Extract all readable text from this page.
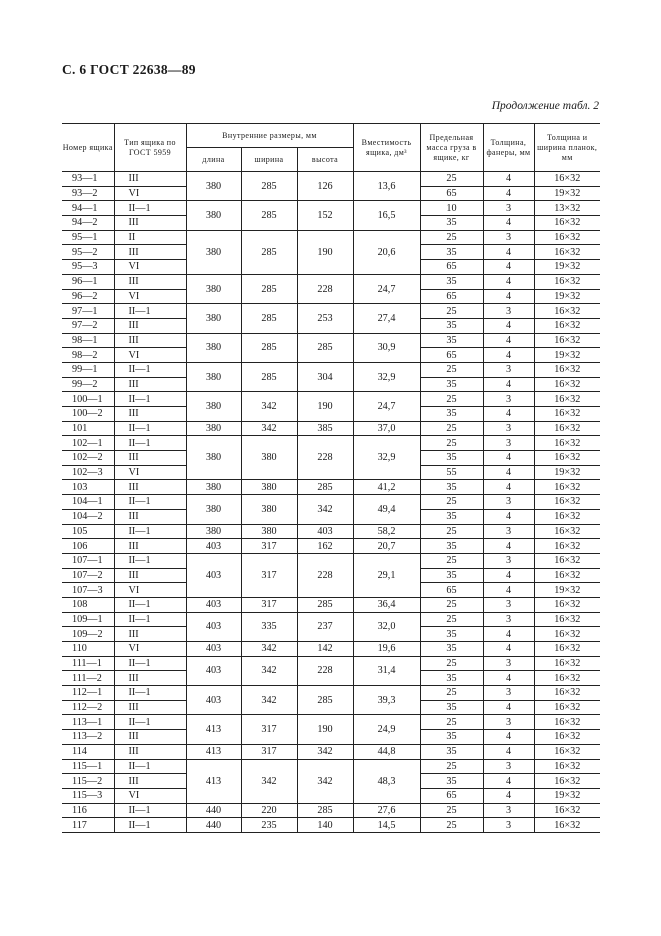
С. 6 ГОСТ 22638—89
Продолжение табл. 2
Номер ящика	Тип ящика по ГОСТ 5959	Внутренние размеры, мм			Вместимость ящика, дм³	Предельная масса груза в ящике, кг	Толщина, фанеры, мм	Толщина и ширина планок, мм
		длина	ширина	высота				
93—1	III	380	285	126	13,6	25	4	16×32
93—2	VI					65	4	19×32
94—1	II—1	380	285	152	16,5	10	3	13×32
94—2	III					35	4	16×32
95—1	II	380	285	190	20,6	25	3	16×32
95—2	III					35	4	16×32
95—3	VI					65	4	19×32
96—1	III	380	285	228	24,7	35	4	16×32
96—2	VI					65	4	19×32
97—1	II—1	380	285	253	27,4	25	3	16×32
97—2	III					35	4	16×32
98—1	III	380	285	285	30,9	35	4	16×32
98—2	VI					65	4	19×32
99—1	II—1	380	285	304	32,9	25	3	16×32
99—2	III					35	4	16×32
100—1	II—1	380	342	190	24,7	25	3	16×32
100—2	III					35	4	16×32
101	II—1	380	342	385	37,0	25	3	16×32
102—1	II—1	380	380	228	32,9	25	3	16×32
102—2	III					35	4	16×32
102—3	VI					55	4	19×32
103	III	380	380	285	41,2	35	4	16×32
104—1	II—1	380	380	342	49,4	25	3	16×32
104—2	III					35	4	16×32
105	II—1	380	380	403	58,2	25	3	16×32
106	III	403	317	162	20,7	35	4	16×32
107—1	II—1	403	317	228	29,1	25	3	16×32
107—2	III					35	4	16×32
107—3	VI					65	4	19×32
108	II—1	403	317	285	36,4	25	3	16×32
109—1	II—1	403	335	237	32,0	25	3	16×32
109—2	III					35	4	16×32
110	VI	403	342	142	19,6	35	4	16×32
111—1	II—1	403	342	228	31,4	25	3	16×32
111—2	III					35	4	16×32
112—1	II—1	403	342	285	39,3	25	3	16×32
112—2	III					35	4	16×32
113—1	II—1	413	317	190	24,9	25	3	16×32
113—2	III					35	4	16×32
114	III	413	317	342	44,8	35	4	16×32
115—1	II—1	413	342	342	48,3	25	3	16×32
115—2	III					35	4	16×32
115—3	VI					65	4	19×32
116	II—1	440	220	285	27,6	25	3	16×32
117	II—1	440	235	140	14,5	25	3	16×32
